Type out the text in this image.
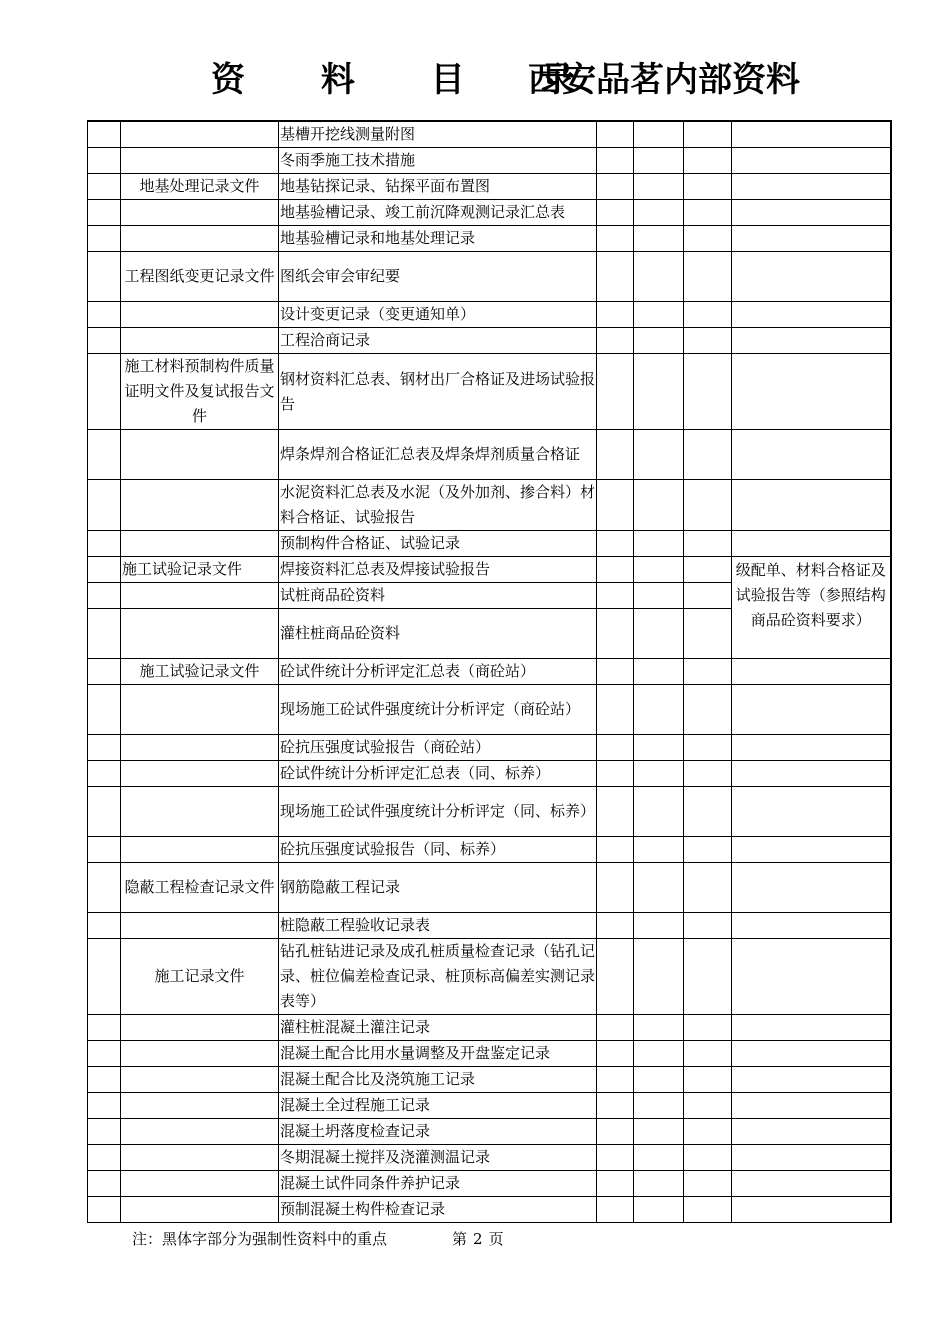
资 料 目 录
西安品茗内部资料
		基槽开挖线测量附图				
		冬雨季施工技术措施				
	地基处理记录文件	地基钻探记录、钻探平面布置图				
		地基验槽记录、竣工前沉降观测记录汇总表				
		地基验槽记录和地基处理记录				
	工程图纸变更记录文件	图纸会审会审纪要				
		设计变更记录（变更通知单）				
		工程洽商记录				
	施工材料预制构件质量证明文件及复试报告文件	钢材资料汇总表、钢材出厂合格证及进场试验报告				
		焊条焊剂合格证汇总表及焊条焊剂质量合格证				
		水泥资料汇总表及水泥（及外加剂、掺合料）材料合格证、试验报告				
		预制构件合格证、试验记录				
	施工试验记录文件	焊接资料汇总表及焊接试验报告				级配单、材料合格证及试验报告等（参照结构商品砼资料要求）
		试桩商品砼资料				
		灌柱桩商品砼资料				
	施工试验记录文件	砼试件统计分析评定汇总表（商砼站）				
		现场施工砼试件强度统计分析评定（商砼站）				
		砼抗压强度试验报告（商砼站）				
		砼试件统计分析评定汇总表（同、标养）				
		现场施工砼试件强度统计分析评定（同、标养）				
		砼抗压强度试验报告（同、标养）				
	隐蔽工程检查记录文件	钢筋隐蔽工程记录				
		桩隐蔽工程验收记录表				
	施工记录文件	钻孔桩钻进记录及成孔桩质量检查记录（钻孔记录、桩位偏差检查记录、桩顶标高偏差实测记录表等）				
		灌柱桩混凝土灌注记录				
		混凝土配合比用水量调整及开盘鉴定记录				
		混凝土配合比及浇筑施工记录				
		混凝土全过程施工记录				
		混凝土坍落度检查记录				
		冬期混凝土搅拌及浇灌测温记录				
		混凝土试件同条件养护记录				
		预制混凝土构件检查记录				
注：黑体字部分为强制性资料中的重点	第 2 页
